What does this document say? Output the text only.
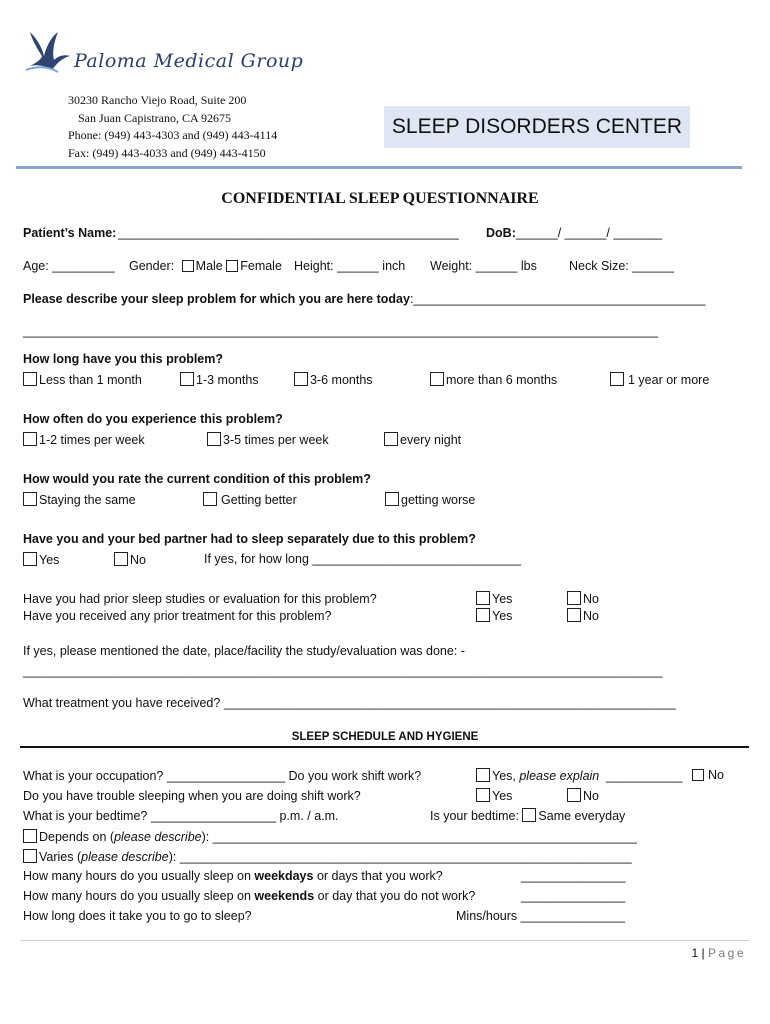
Paloma Medical Group
30230 Rancho Viejo Road, Suite 200
San Juan Capistrano, CA 92675
Phone: (949) 443-4303 and (949) 443-4114
Fax: (949) 443-4033 and (949) 443-4150
SLEEP DISORDERS CENTER
CONFIDENTIAL SLEEP QUESTIONNAIRE
Patient’s Name: _________________________________________________ DoB: ______/ ______/ _______
Age: _________ Gender: Male Female Height: ______ inch Weight: ______ lbs	Neck Size: ______
Please describe your sleep problem for which you are here today:__________________________________________
____________________________________________________________________________________________
How long have you this problem?
Less than 1 month	1-3 months	3-6 months	more than 6 months	1 year or more
How often do you experience this problem?
1-2 times per week	3-5 times per week	every night
How would you rate the current condition of this problem?
Staying the same	Getting better	getting worse
Have you and your bed partner had to sleep separately due to this problem?
Yes	No	If yes, for how long ______________________________
Have you had prior sleep studies or evaluation for this problem?	Yes	No
Have you received any prior treatment for this problem?	Yes	No
If yes, please mentioned the date, place/facility the study/evaluation was done: -
____________________________________________________________________________________________
What treatment you have received? _________________________________________________________________
SLEEP SCHEDULE AND HYGIENE
What is your occupation? _________________ Do you work shift work?	Yes, please explain ___________	No
Do you have trouble sleeping when you are doing shift work?	Yes	No
What is your bedtime? __________________ p.m. / a.m.	Is your bedtime: Same everyday
Depends on (please describe): _____________________________________________________________
Varies (please describe): _________________________________________________________________
How many hours do you usually sleep on weekdays or days that you work?	_______________
How many hours do you usually sleep on weekends or day that you do not work?	_______________
How long does it take you to go to sleep?	Mins/hours _______________
1 | Page
